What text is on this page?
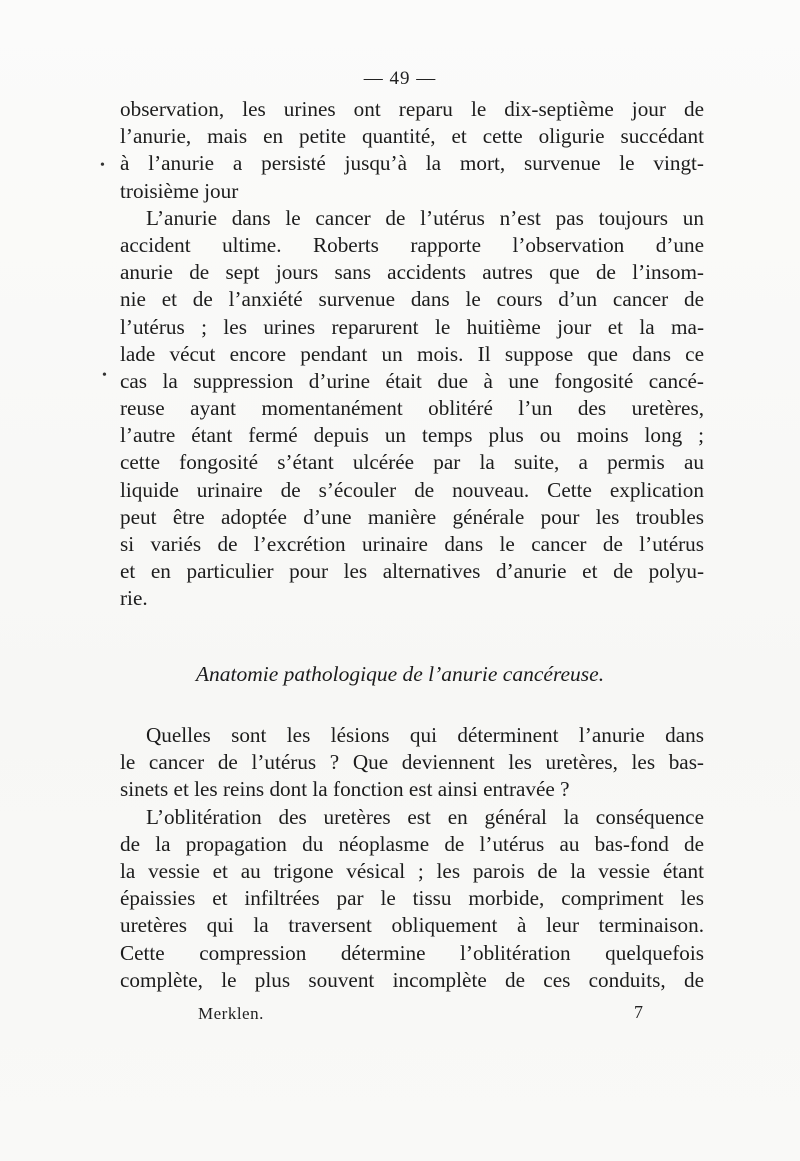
— 49 —
observation, les urines ont reparu le dix-septième jour de
l’anurie, mais en petite quantité, et cette oligurie succédant
à l’anurie a persisté jusqu’à la mort, survenue le vingt-
troisième jour
L’anurie dans le cancer de l’utérus n’est pas toujours un
accident ultime. Roberts rapporte l’observation d’une
anurie de sept jours sans accidents autres que de l’insom-
nie et de l’anxiété survenue dans le cours d’un cancer de
l’utérus ; les urines reparurent le huitième jour et la ma-
lade vécut encore pendant un mois. Il suppose que dans ce
cas la suppression d’urine était due à une fongosité cancé-
reuse ayant momentanément oblitéré l’un des uretères,
l’autre étant fermé depuis un temps plus ou moins long ;
cette fongosité s’étant ulcérée par la suite, a permis au
liquide urinaire de s’écouler de nouveau. Cette explication
peut être adoptée d’une manière générale pour les troubles
si variés de l’excrétion urinaire dans le cancer de l’utérus
et en particulier pour les alternatives d’anurie et de polyu-
rie.
Anatomie pathologique de l’anurie cancéreuse.
Quelles sont les lésions qui déterminent l’anurie dans
le cancer de l’utérus ? Que deviennent les uretères, les bas-
sinets et les reins dont la fonction est ainsi entravée ?
L’oblitération des uretères est en général la conséquence
de la propagation du néoplasme de l’utérus au bas-fond de
la vessie et au trigone vésical ; les parois de la vessie étant
épaissies et infiltrées par le tissu morbide, compriment les
uretères qui la traversent obliquement à leur terminaison.
Cette compression détermine l’oblitération quelquefois
complète, le plus souvent incomplète de ces conduits, de
Merklen.	7
•
•
